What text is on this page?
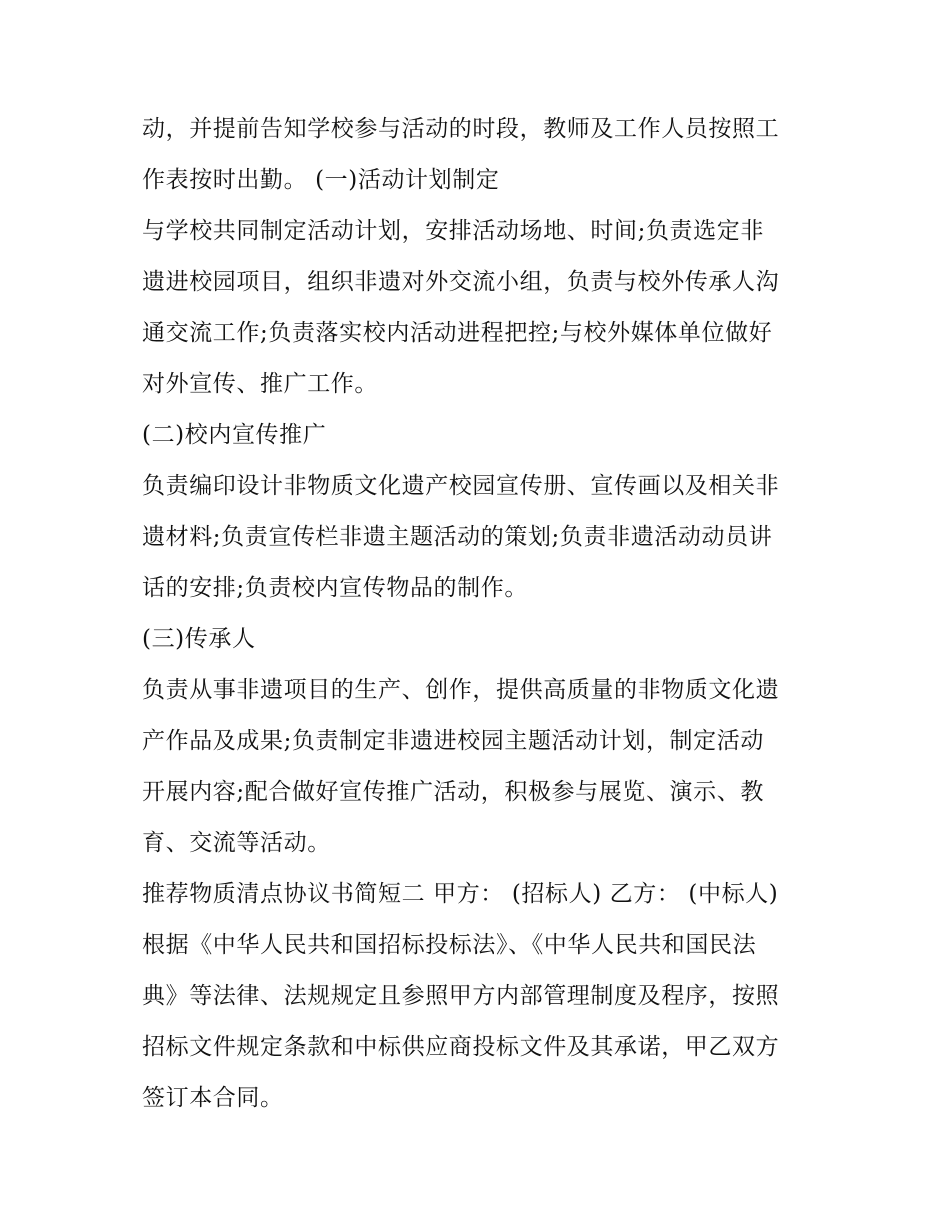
动，并提前告知学校参与活动的时段，教师及工作人员按照工
作表按时出勤。 (一)活动计划制定
与学校共同制定活动计划，安排活动场地、时间;负责选定非
遗进校园项目，组织非遗对外交流小组，负责与校外传承人沟
通交流工作;负责落实校内活动进程把控;与校外媒体单位做好
对外宣传、推广工作。
(二)校内宣传推广
负责编印设计非物质文化遗产校园宣传册、宣传画以及相关非
遗材料;负责宣传栏非遗主题活动的策划;负责非遗活动动员讲
话的安排;负责校内宣传物品的制作。
(三)传承人
负责从事非遗项目的生产、创作，提供高质量的非物质文化遗
产作品及成果;负责制定非遗进校园主题活动计划，制定活动
开展内容;配合做好宣传推广活动，积极参与展览、演示、教
育、交流等活动。
推荐物质清点协议书简短二 甲方： (招标人) 乙方： (中标人)
根据《中华人民共和国招标投标法》、《中华人民共和国民法
典》等法律、法规规定且参照甲方内部管理制度及程序，按照
招标文件规定条款和中标供应商投标文件及其承诺，甲乙双方
签订本合同。
